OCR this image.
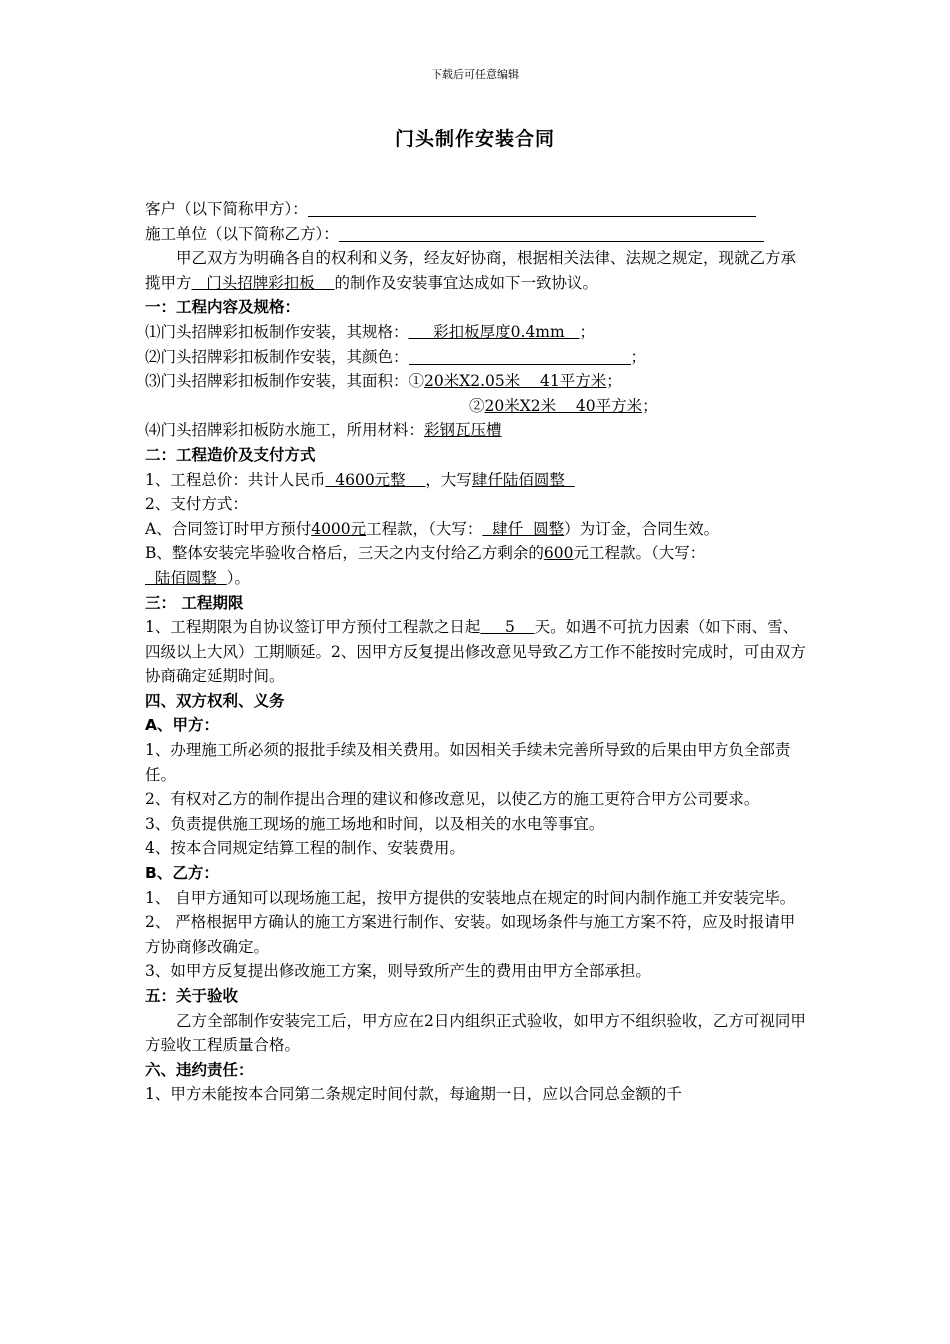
下载后可任意编辑
门头制作安装合同
客户（以下简称甲方）：
施工单位（以下简称乙方）：
甲乙双方为明确各自的权利和义务，经友好协商，根据相关法律、法规之规定，现就乙方承揽甲方   门头招牌彩扣板    的制作及安装事宜达成如下一致协议。
一：工程内容及规格：
⑴门头招牌彩扣板制作安装，其规格：     彩扣板厚度0.4mm   ；
⑵门头招牌彩扣板制作安装，其颜色：	；
⑶门头招牌彩扣板制作安装，其面积：①20米X2.05米    41平方米；
②20米X2米    40平方米；
⑷门头招牌彩扣板防水施工，所用材料：彩钢瓦压槽
二：工程造价及支付方式
1、工程总价：共计人民币  4600元整    ，大写肆仟陆佰圆整
2、支付方式：
A、合同签订时甲方预付4000元工程款，（大写：  肆仟  圆整）为订金，合同生效。
B、整体安装完毕验收合格后，三天之内支付给乙方剩余的600元工程款。（大写：  陆佰圆整  ）。
三： 工程期限
1、工程期限为自协议签订甲方预付工程款之日起     5    天。如遇不可抗力因素（如下雨、雪、四级以上大风）工期顺延。2、因甲方反复提出修改意见导致乙方工作不能按时完成时，可由双方协商确定延期时间。
四、双方权利、义务
A、甲方：
1、办理施工所必须的报批手续及相关费用。如因相关手续未完善所导致的后果由甲方负全部责任。
2、有权对乙方的制作提出合理的建议和修改意见，以使乙方的施工更符合甲方公司要求。
3、负责提供施工现场的施工场地和时间，以及相关的水电等事宜。
4、按本合同规定结算工程的制作、安装费用。
B、乙方：
1、 自甲方通知可以现场施工起，按甲方提供的安装地点在规定的时间内制作施工并安装完毕。
2、 严格根据甲方确认的施工方案进行制作、安装。如现场条件与施工方案不符，应及时报请甲方协商修改确定。
3、如甲方反复提出修改施工方案，则导致所产生的费用由甲方全部承担。
五：关于验收
乙方全部制作安装完工后，甲方应在2日内组织正式验收，如甲方不组织验收，乙方可视同甲方验收工程质量合格。
六、违约责任：
1、甲方未能按本合同第二条规定时间付款，每逾期一日，应以合同总金额的千
